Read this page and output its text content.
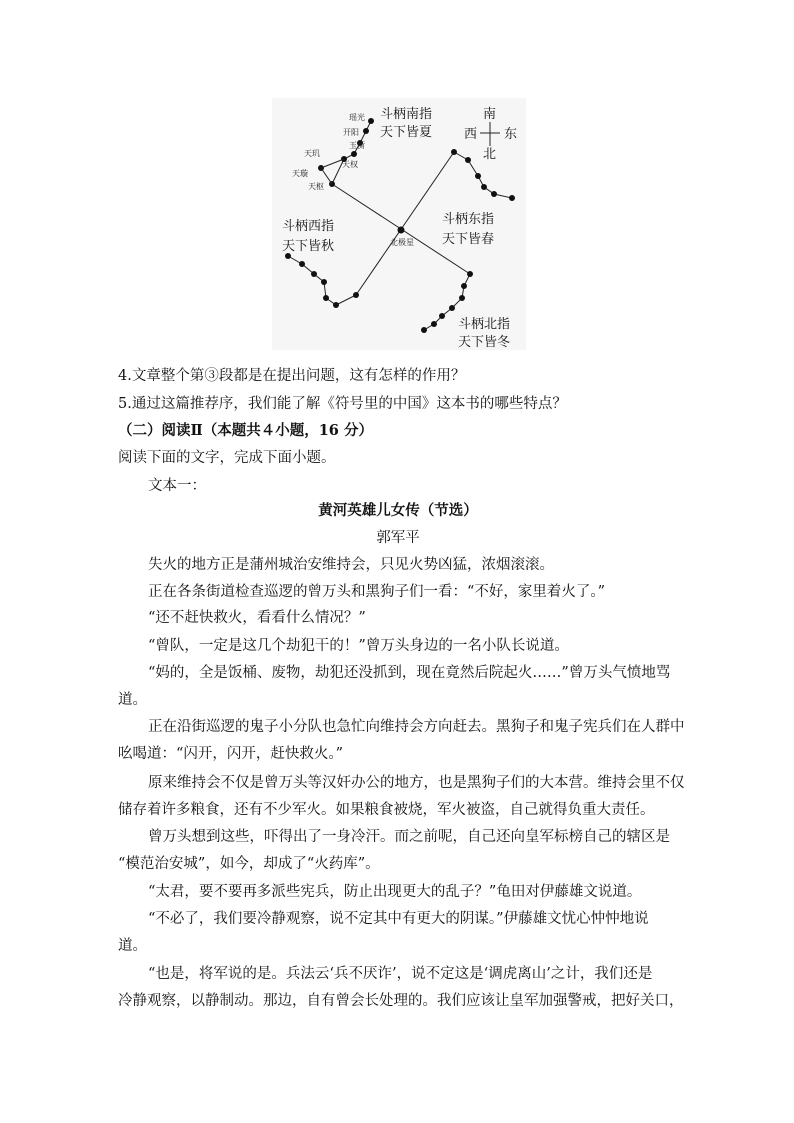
北极星
瑶光
开阳
玉衡
天权
天玑
天璇
天枢
南
西 东
北
斗柄南指
天下皆夏
斗柄东指
天下皆春
斗柄西指
天下皆秋
斗柄北指
天下皆冬
4.文章整个第③段都是在提出问题，这有怎样的作用？
5.通过这篇推荐序，我们能了解《符号里的中国》这本书的哪些特点？
（二）阅读Ⅱ（本题共４小题，16 分）
阅读下面的文字，完成下面小题。
文本一：
黄河英雄儿女传（节选）
郭军平
失火的地方正是蒲州城治安维持会，只见火势凶猛，浓烟滚滚。
正在各条街道检查巡逻的曾万头和黑狗子们一看：“不好，家里着火了。”
“还不赶快救火，看看什么情况？”
“曾队，一定是这几个劫犯干的！”曾万头身边的一名小队长说道。
“妈的，全是饭桶、废物，劫犯还没抓到，现在竟然后院起火……”曾万头气愤地骂
道。
正在沿街巡逻的鬼子小分队也急忙向维持会方向赶去。黑狗子和鬼子宪兵们在人群中
吆喝道：“闪开，闪开，赶快救火。”
原来维持会不仅是曾万头等汉奸办公的地方，也是黑狗子们的大本营。维持会里不仅
储存着许多粮食，还有不少军火。如果粮食被烧，军火被盗，自己就得负重大责任。
曾万头想到这些，吓得出了一身冷汗。而之前呢，自己还向皇军标榜自己的辖区是
“模范治安城”，如今，却成了“火药库”。
“太君，要不要再多派些宪兵，防止出现更大的乱子？”龟田对伊藤雄文说道。
“不必了，我们要冷静观察，说不定其中有更大的阴谋。”伊藤雄文忧心忡忡地说
道。
“也是，将军说的是。兵法云‘兵不厌诈’，说不定这是‘调虎离山’之计，我们还是
冷静观察，以静制动。那边，自有曾会长处理的。我们应该让皇军加强警戒，把好关口，
